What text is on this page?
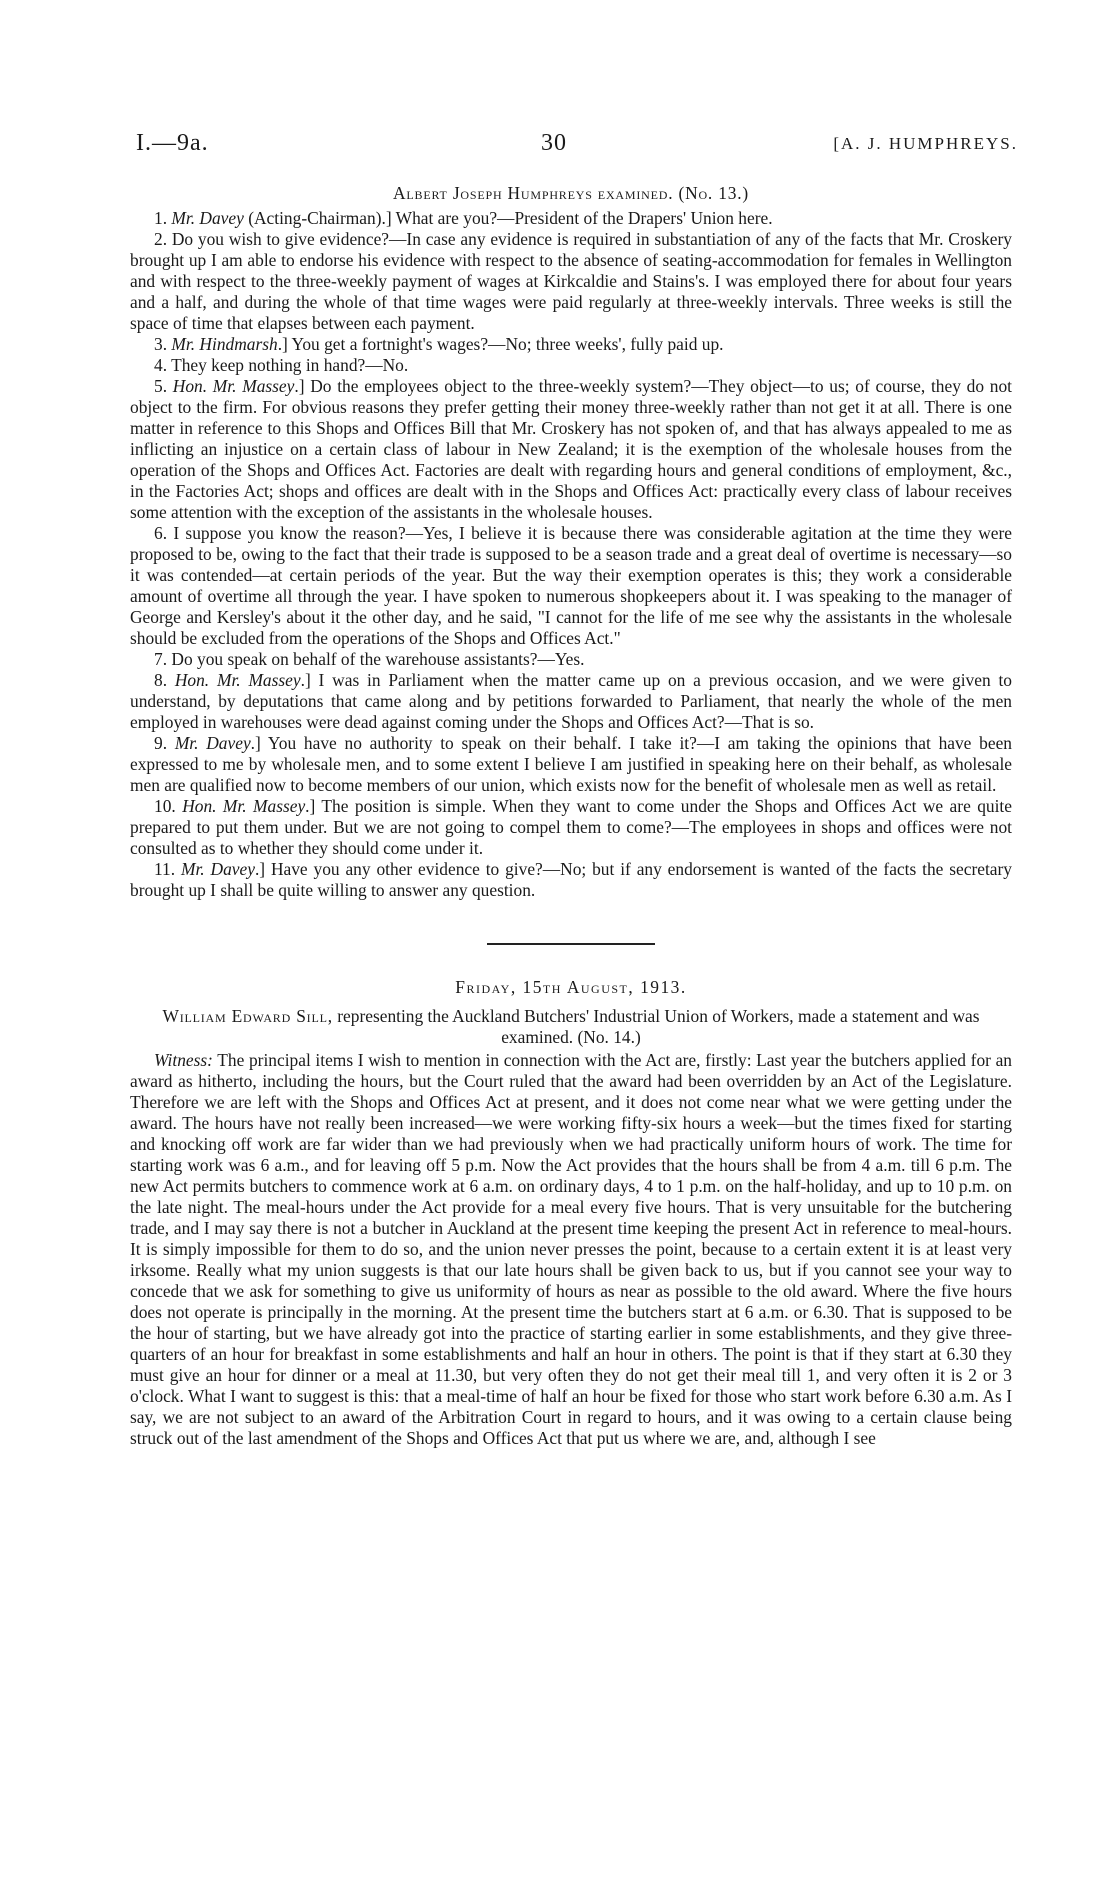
I.—9a.	30	[A. J. HUMPHREYS.
Albert Joseph Humphreys examined. (No. 13.)

1. Mr. Davey (Acting-Chairman).] What are you?—President of the Drapers' Union here.

2. Do you wish to give evidence?—In case any evidence is required in substantiation of any of the facts that Mr. Croskery brought up I am able to endorse his evidence with respect to the absence of seating-accommodation for females in Wellington and with respect to the three-weekly payment of wages at Kirkcaldie and Stains's. I was employed there for about four years and a half, and during the whole of that time wages were paid regularly at three-weekly intervals. Three weeks is still the space of time that elapses between each payment.

3. Mr. Hindmarsh.] You get a fortnight's wages?—No; three weeks', fully paid up.

4. They keep nothing in hand?—No.

5. Hon. Mr. Massey.] Do the employees object to the three-weekly system?—They object—to us; of course, they do not object to the firm. For obvious reasons they prefer getting their money three-weekly rather than not get it at all. There is one matter in reference to this Shops and Offices Bill that Mr. Croskery has not spoken of, and that has always appealed to me as inflicting an injustice on a certain class of labour in New Zealand; it is the exemption of the wholesale houses from the operation of the Shops and Offices Act. Factories are dealt with regarding hours and general conditions of employment, &c., in the Factories Act; shops and offices are dealt with in the Shops and Offices Act: practically every class of labour receives some attention with the exception of the assistants in the wholesale houses.

6. I suppose you know the reason?—Yes, I believe it is because there was considerable agitation at the time they were proposed to be, owing to the fact that their trade is supposed to be a season trade and a great deal of overtime is necessary—so it was contended—at certain periods of the year. But the way their exemption operates is this; they work a considerable amount of overtime all through the year. I have spoken to numerous shopkeepers about it. I was speaking to the manager of George and Kersley's about it the other day, and he said, "I cannot for the life of me see why the assistants in the wholesale should be excluded from the operations of the Shops and Offices Act."

7. Do you speak on behalf of the warehouse assistants?—Yes.

8. Hon. Mr. Massey.] I was in Parliament when the matter came up on a previous occasion, and we were given to understand, by deputations that came along and by petitions forwarded to Parliament, that nearly the whole of the men employed in warehouses were dead against coming under the Shops and Offices Act?—That is so.

9. Mr. Davey.] You have no authority to speak on their behalf. I take it?—I am taking the opinions that have been expressed to me by wholesale men, and to some extent I believe I am justified in speaking here on their behalf, as wholesale men are qualified now to become members of our union, which exists now for the benefit of wholesale men as well as retail.

10. Hon. Mr. Massey.] The position is simple. When they want to come under the Shops and Offices Act we are quite prepared to put them under. But we are not going to compel them to come?—The employees in shops and offices were not consulted as to whether they should come under it.

11. Mr. Davey.] Have you any other evidence to give?—No; but if any endorsement is wanted of the facts the secretary brought up I shall be quite willing to answer any question.

Friday, 15th August, 1913.
William Edward Sill, representing the Auckland Butchers' Industrial Union of Workers, made a statement and was examined. (No. 14.)

Witness: The principal items I wish to mention in connection with the Act are, firstly: Last year the butchers applied for an award as hitherto, including the hours, but the Court ruled that the award had been overridden by an Act of the Legislature. Therefore we are left with the Shops and Offices Act at present, and it does not come near what we were getting under the award. The hours have not really been increased—we were working fifty-six hours a week—but the times fixed for starting and knocking off work are far wider than we had previously when we had practically uniform hours of work. The time for starting work was 6 a.m., and for leaving off 5 p.m. Now the Act provides that the hours shall be from 4 a.m. till 6 p.m. The new Act permits butchers to commence work at 6 a.m. on ordinary days, 4 to 1 p.m. on the half-holiday, and up to 10 p.m. on the late night. The meal-hours under the Act provide for a meal every five hours. That is very unsuitable for the butchering trade, and I may say there is not a butcher in Auckland at the present time keeping the present Act in reference to meal-hours. It is simply impossible for them to do so, and the union never presses the point, because to a certain extent it is at least very irksome. Really what my union suggests is that our late hours shall be given back to us, but if you cannot see your way to concede that we ask for something to give us uniformity of hours as near as possible to the old award. Where the five hours does not operate is principally in the morning. At the present time the butchers start at 6 a.m. or 6.30. That is supposed to be the hour of starting, but we have already got into the practice of starting earlier in some establishments, and they give three-quarters of an hour for breakfast in some establishments and half an hour in others. The point is that if they start at 6.30 they must give an hour for dinner or a meal at 11.30, but very often they do not get their meal till 1, and very often it is 2 or 3 o'clock. What I want to suggest is this: that a meal-time of half an hour be fixed for those who start work before 6.30 a.m. As I say, we are not subject to an award of the Arbitration Court in regard to hours, and it was owing to a certain clause being struck out of the last amendment of the Shops and Offices Act that put us where we are, and, although I see
